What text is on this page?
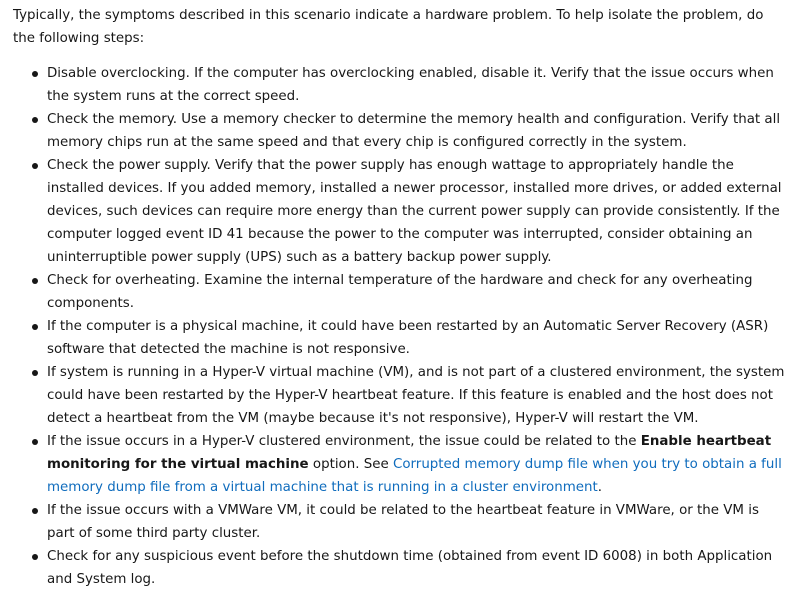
Typically, the symptoms described in this scenario indicate a hardware problem. To help isolate the problem, do the following steps:

Disable overclocking. If the computer has overclocking enabled, disable it. Verify that the issue occurs when the system runs at the correct speed.
Check the memory. Use a memory checker to determine the memory health and configuration. Verify that all memory chips run at the same speed and that every chip is configured correctly in the system.
Check the power supply. Verify that the power supply has enough wattage to appropriately handle the installed devices. If you added memory, installed a newer processor, installed more drives, or added external devices, such devices can require more energy than the current power supply can provide consistently. If the computer logged event ID 41 because the power to the computer was interrupted, consider obtaining an uninterruptible power supply (UPS) such as a battery backup power supply.
Check for overheating. Examine the internal temperature of the hardware and check for any overheating components.
If the computer is a physical machine, it could have been restarted by an Automatic Server Recovery (ASR) software that detected the machine is not responsive.
If system is running in a Hyper-V virtual machine (VM), and is not part of a clustered environment, the system could have been restarted by the Hyper-V heartbeat feature. If this feature is enabled and the host does not detect a heartbeat from the VM (maybe because it's not responsive), Hyper-V will restart the VM.
If the issue occurs in a Hyper-V clustered environment, the issue could be related to the Enable heartbeat monitoring for the virtual machine option. See Corrupted memory dump file when you try to obtain a full memory dump file from a virtual machine that is running in a cluster environment.
If the issue occurs with a VMWare VM, it could be related to the heartbeat feature in VMWare, or the VM is part of some third party cluster.
Check for any suspicious event before the shutdown time (obtained from event ID 6008) in both Application and System log.
